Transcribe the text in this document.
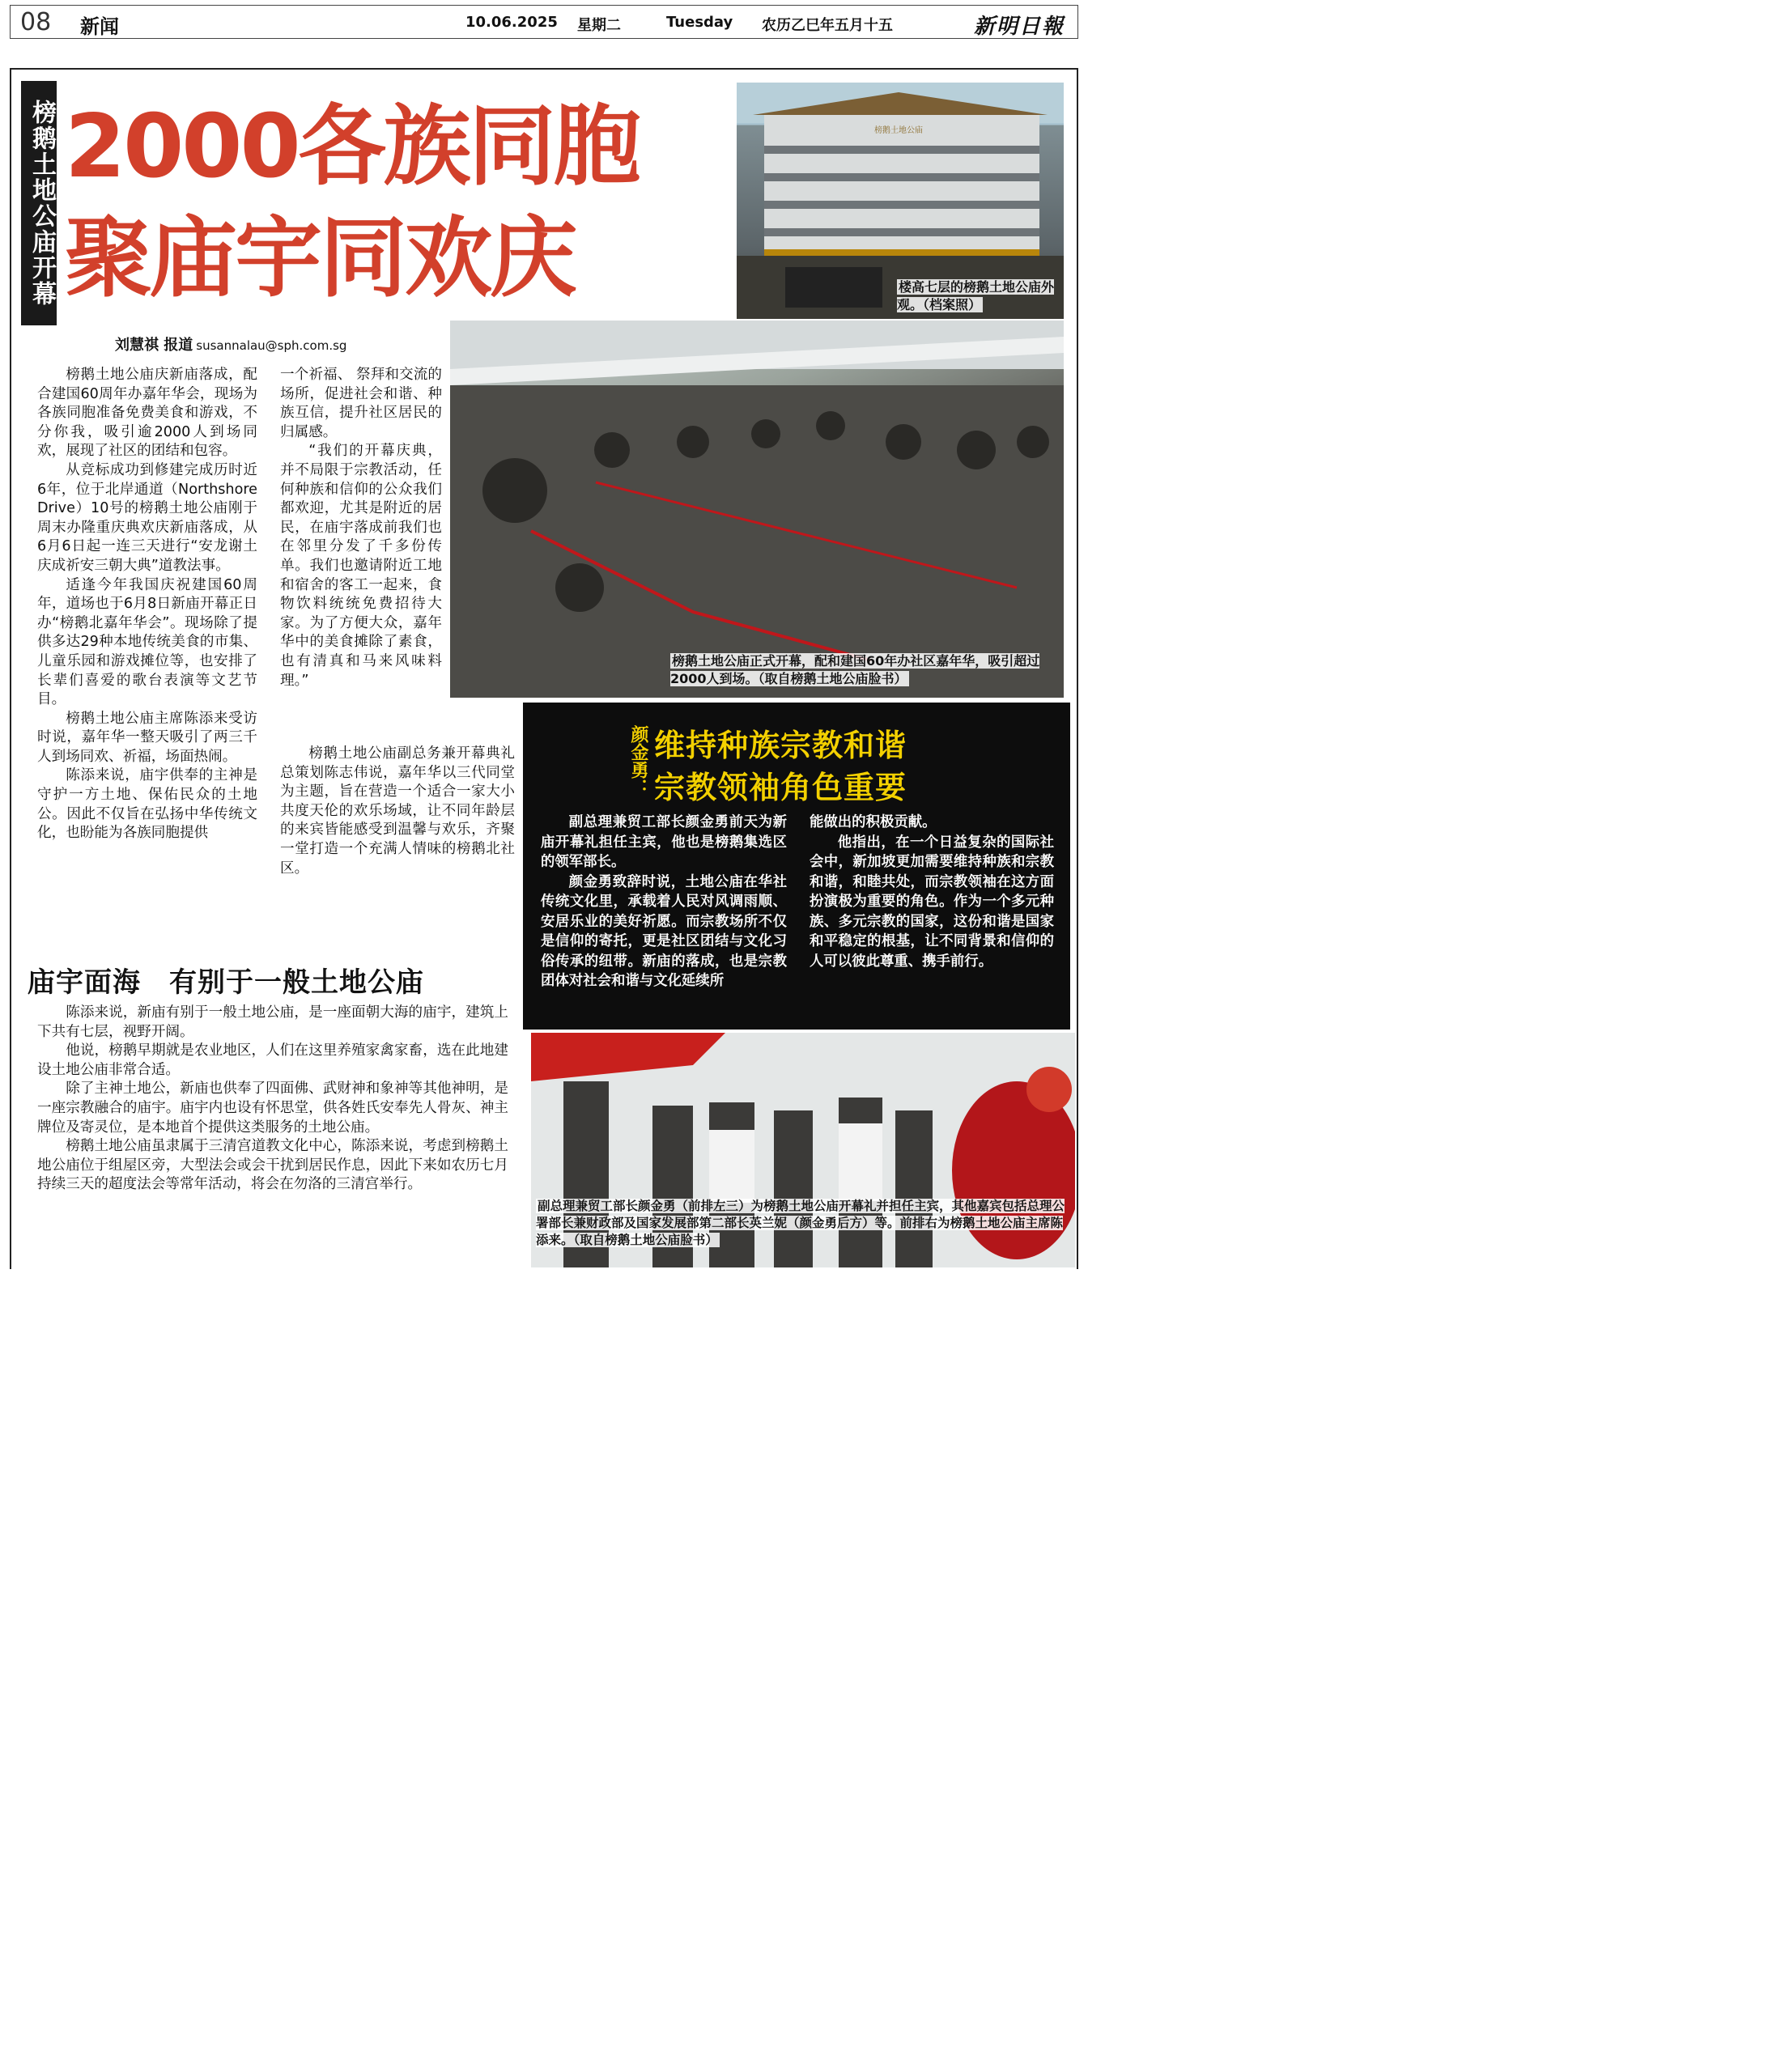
08 新闻	10.06.2025 星期二	Tuesday 农历乙巳年五月十五	新明日報
榜鹅土地公庙开幕 2000各族同胞
聚庙宇同欢庆
刘慧祺 报道 susannalau@sph.com.sg
榜鹅土地公庙
楼高七层的榜鹅土地公庙外观。（档案照）
榜鹅土地公庙正式开幕，配和建国60年办社区嘉年华，吸引超过2000人到场。（取自榜鹅土地公庙脸书）

榜鹅土地公庙庆新庙落成，配合建国60周年办嘉年华会，现场为各族同胞准备免费美食和游戏，不分你我，吸引逾2000人到场同欢，展现了社区的团结和包容。

从竞标成功到修建完成历时近6年，位于北岸通道（Northshore Drive）10号的榜鹅土地公庙刚于周末办隆重庆典欢庆新庙落成，从6月6日起一连三天进行“安龙谢土庆成祈安三朝大典”道教法事。

适逢今年我国庆祝建国60周年，道场也于6月8日新庙开幕正日办“榜鹅北嘉年华会”。现场除了提供多达29种本地传统美食的市集、儿童乐园和游戏摊位等，也安排了长辈们喜爱的歌台表演等文艺节目。

榜鹅土地公庙主席陈添来受访时说，嘉年华一整天吸引了两三千人到场同欢、祈福，场面热闹。

陈添来说，庙宇供奉的主神是守护一方土地、保佑民众的土地公。因此不仅旨在弘扬中华传统文化，也盼能为各族同胞提供

一个祈福、 祭拜和交流的场所，促进社会和谐、种族互信，提升社区居民的归属感。

“我们的开幕庆典，并不局限于宗教活动，任何种族和信仰的公众我们都欢迎，尤其是附近的居民，在庙宇落成前我们也在邻里分发了千多份传单。我们也邀请附近工地和宿舍的客工一起来，食物饮料统统免费招待大家。为了方便大众，嘉年华中的美食摊除了素食，也有清真和马来风味料理。”

榜鹅土地公庙副总务兼开幕典礼总策划陈志伟说，嘉年华以三代同堂为主题，旨在营造一个适合一家大小共度天伦的欢乐场域，让不同年龄层的来宾皆能感受到温馨与欢乐，齐聚一堂打造一个充满人情味的榜鹅北社区。

庙宇面海　有别于一般土地公庙

陈添来说，新庙有别于一般土地公庙，是一座面朝大海的庙宇，建筑上下共有七层，视野开阔。

他说，榜鹅早期就是农业地区，人们在这里养殖家禽家畜，选在此地建设土地公庙非常合适。

除了主神土地公，新庙也供奉了四面佛、武财神和象神等其他神明，是一座宗教融合的庙宇。庙宇内也设有怀思堂，供各姓氏安奉先人骨灰、神主牌位及寄灵位，是本地首个提供这类服务的土地公庙。

榜鹅土地公庙虽隶属于三清宫道教文化中心，陈添来说，考虑到榜鹅土地公庙位于组屋区旁，大型法会或会干扰到居民作息，因此下来如农历七月持续三天的超度法会等常年活动，将会在勿洛的三清宫举行。

颜金勇： 维持种族宗教和谐
宗教领袖角色重要

副总理兼贸工部长颜金勇前天为新庙开幕礼担任主宾，他也是榜鹅集选区的领军部长。

颜金勇致辞时说，土地公庙在华社传统文化里，承载着人民对风调雨顺、安居乐业的美好祈愿。而宗教场所不仅是信仰的寄托，更是社区团结与文化习俗传承的纽带。新庙的落成，也是宗教团体对社会和谐与文化延续所

能做出的积极贡献。

他指出，在一个日益复杂的国际社会中，新加坡更加需要维持种族和宗教和谐，和睦共处，而宗教领袖在这方面扮演极为重要的角色。作为一个多元种族、多元宗教的国家，这份和谐是国家和平稳定的根基，让不同背景和信仰的人可以彼此尊重、携手前行。

副总理兼贸工部长颜金勇（前排左三）为榜鹅土地公庙开幕礼并担任主宾，其他嘉宾包括总理公署部长兼财政部及国家发展部第二部长英兰妮（颜金勇后方）等。前排右为榜鹅土地公庙主席陈添来。（取自榜鹅土地公庙脸书）
